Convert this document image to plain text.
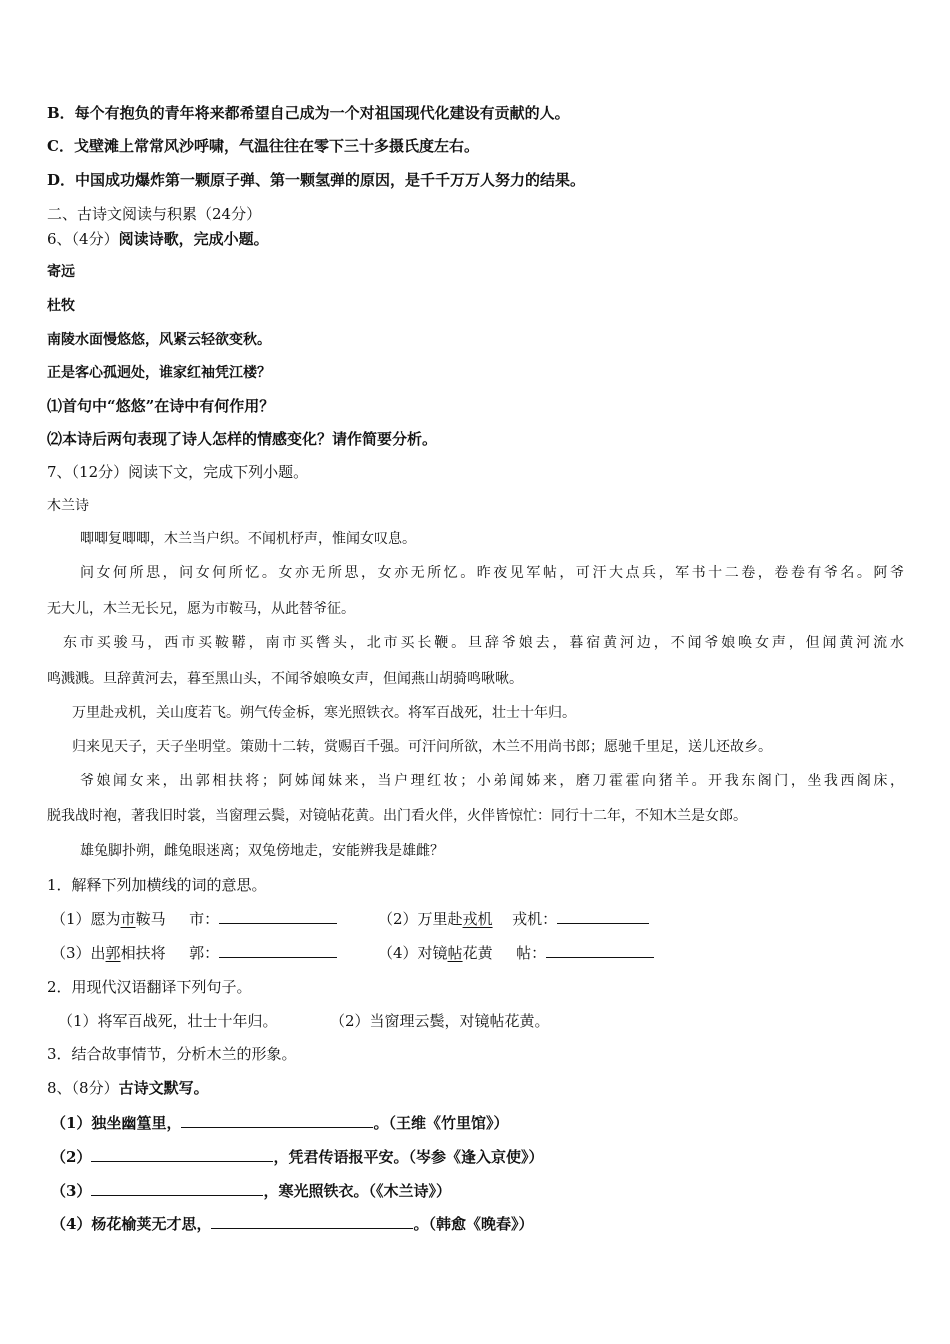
B．每个有抱负的青年将来都希望自己成为一个对祖国现代化建设有贡献的人。
C．戈壁滩上常常风沙呼啸，气温往往在零下三十多摄氏度左右。
D．中国成功爆炸第一颗原子弹、第一颗氢弹的原因，是千千万万人努力的结果。
二、古诗文阅读与积累（24分）
6、（4分）阅读诗歌，完成小题。
寄远
杜牧
南陵水面慢悠悠，风紧云轻欲变秋。
正是客心孤迥处，谁家红袖凭江楼？
⑴首句中“悠悠”在诗中有何作用？
⑵本诗后两句表现了诗人怎样的情感变化？请作简要分析。
7、（12分）阅读下文，完成下列小题。
木兰诗
唧唧复唧唧，木兰当户织。不闻机杼声，惟闻女叹息。
问女何所思，问女何所忆。女亦无所思，女亦无所忆。昨夜见军帖，可汗大点兵，军书十二卷，卷卷有爷名。阿爷
无大儿，木兰无长兄，愿为市鞍马，从此替爷征。
东市买骏马，西市买鞍鞯，南市买辔头，北市买长鞭。旦辞爷娘去，暮宿黄河边，不闻爷娘唤女声，但闻黄河流水
鸣溅溅。旦辞黄河去，暮至黑山头，不闻爷娘唤女声，但闻燕山胡骑鸣啾啾。
万里赴戎机，关山度若飞。朔气传金柝，寒光照铁衣。将军百战死，壮士十年归。
归来见天子，天子坐明堂。策勋十二转，赏赐百千强。可汗问所欲，木兰不用尚书郎；愿驰千里足，送儿还故乡。
爷娘闻女来，出郭相扶将；阿姊闻妹来，当户理红妆；小弟闻姊来，磨刀霍霍向猪羊。开我东阁门，坐我西阁床，
脱我战时袍，著我旧时裳，当窗理云鬓，对镜帖花黄。出门看火伴，火伴皆惊忙：同行十二年，不知木兰是女郎。
雄兔脚扑朔，雌兔眼迷离；双兔傍地走，安能辨我是雄雌？
1．解释下列加横线的词的意思。
（1）愿为市鞍马 市：	（2）万里赴戎机 戎机：
（3）出郭相扶将 郭：	（4）对镜帖花黄 帖：
2．用现代汉语翻译下列句子。
（1）将军百战死，壮士十年归。	（2）当窗理云鬓，对镜帖花黄。
3．结合故事情节，分析木兰的形象。
8、（8分）古诗文默写。
（1）独坐幽篁里，	。（王维《竹里馆》）
（2）	，凭君传语报平安。（岑参《逢入京使》）
（3）	，寒光照铁衣。（《木兰诗》）
（4）杨花榆荚无才思，	。（韩愈《晚春》）
